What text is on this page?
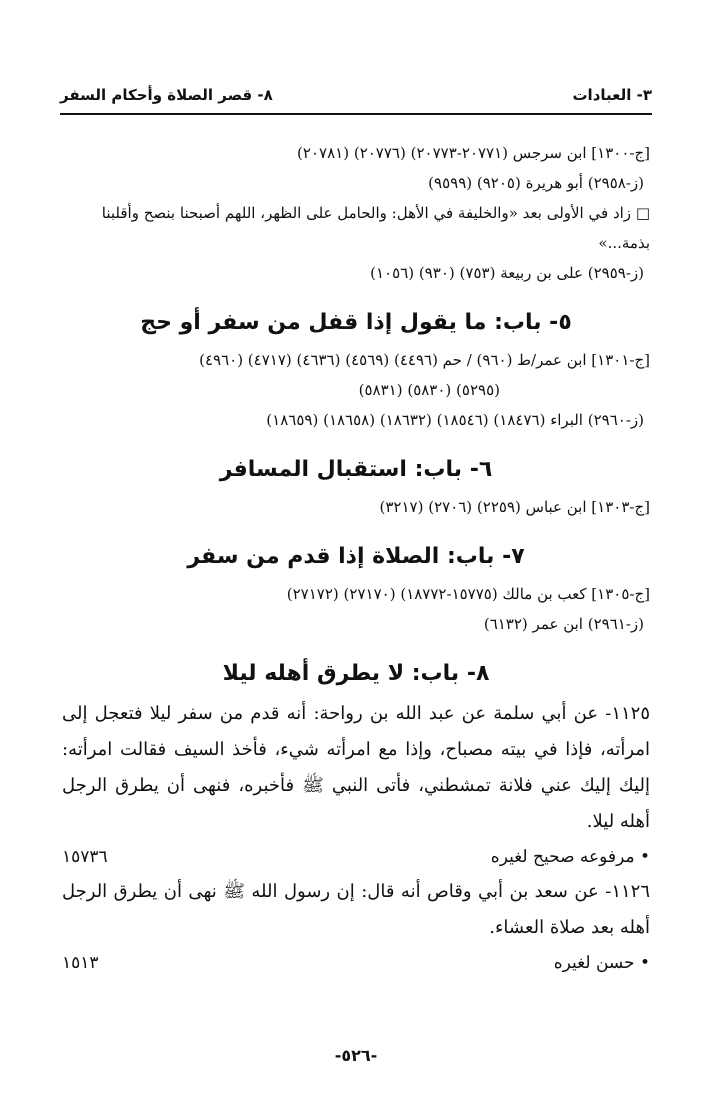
٣- العبادات
٨- قصر الصلاة وأحكام السفر
[ج-١٣٠٠] ابن سرجس (٢٠٧٧١-٢٠٧٧٣) (٢٠٧٧٦) (٢٠٧٨١)
(ز-٢٩٥٨) أبو هريرة (٩٢٠٥) (٩٥٩٩)
□ زاد في الأولى بعد «والخليفة في الأهل: والحامل على الظهر، اللهم أصبحنا بنصح وأقلبنا بذمة...»
(ز-٢٩٥٩) على بن ربيعة (٧٥٣) (٩٣٠) (١٠٥٦)
٥- باب: ما يقول إذا قفل من سفر أو حج
[ج-١٣٠١] ابن عمر/ط (٩٦٠) / حم (٤٤٩٦) (٤٥٦٩) (٤٦٣٦) (٤٧١٧) (٤٩٦٠)
(٥٢٩٥) (٥٨٣٠) (٥٨٣١)
(ز-٢٩٦٠) البراء (١٨٤٧٦) (١٨٥٤٦) (١٨٦٣٢) (١٨٦٥٨) (١٨٦٥٩)
٦- باب: استقبال المسافر
[ج-١٣٠٣] ابن عباس (٢٢٥٩) (٢٧٠٦) (٣٢١٧)
٧- باب: الصلاة إذا قدم من سفر
[ج-١٣٠٥] كعب بن مالك (١٥٧٧٥-١٨٧٧٢) (٢٧١٧٠) (٢٧١٧٢)
(ز-٢٩٦١) ابن عمر (٦١٣٢)
٨- باب: لا يطرق أهله ليلا
١١٢٥- عن أبي سلمة عن عبد الله بن رواحة: أنه قدم من سفر ليلا فتعجل إلى امرأته، فإذا في بيته مصباح، وإذا مع امرأته شيء، فأخذ السيف فقالت امرأته: إليك إليك عني فلانة تمشطني، فأتى النبي ﷺ فأخبره، فنهى أن يطرق الرجل أهله ليلا.
• مرفوعه صحيح لغيره
١٥٧٣٦
١١٢٦- عن سعد بن أبي وقاص أنه قال: إن رسول الله ﷺ نهى أن يطرق الرجل أهله بعد صلاة العشاء.
• حسن لغيره
١٥١٣
-٥٢٦-
